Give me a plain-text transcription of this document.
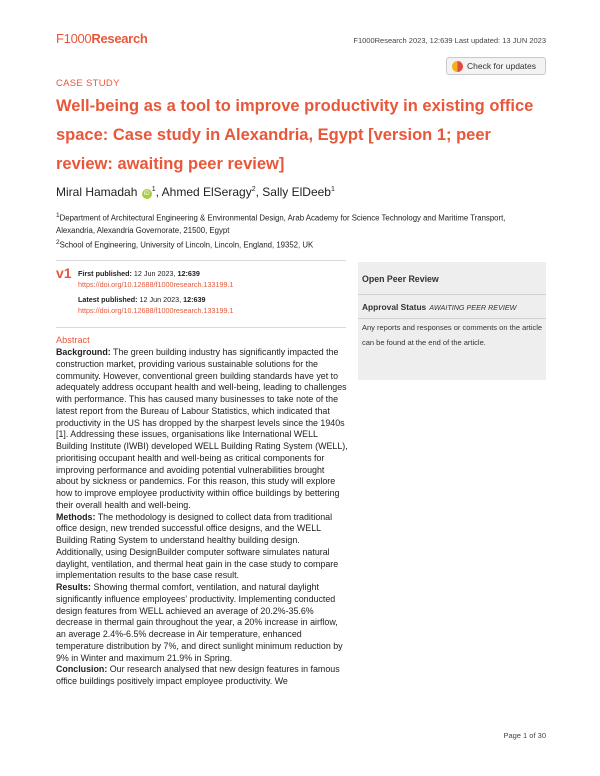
F1000Research	F1000Research 2023, 12:639 Last updated: 13 JUN 2023
CASE STUDY
Check for updates
Well-being as a tool to improve productivity in existing office space: Case study in Alexandria, Egypt [version 1; peer review: awaiting peer review]
Miral Hamadah $iD^1$, Ahmed ElSeragy$^2$, Sally ElDeeb$^1$
$^1$Department of Architectural Engineering & Environmental Design, Arab Academy for Science Technology and Maritime Transport, Alexandria, Alexandria Governorate, 21500, Egypt
$^2$School of Engineering, University of Lincoln, Lincoln, England, 19352, UK
v1 First published: 12 Jun 2023, 12:639
https://doi.org/10.12688/f1000research.133199.1
Latest published: 12 Jun 2023, 12:639
https://doi.org/10.12688/f1000research.133199.1
Abstract

Background: The green building industry has significantly impacted the construction market, providing various sustainable solutions for the community. However, conventional green building standards have yet to adequately address occupant health and well-being, leading to challenges with performance. This has caused many businesses to take note of the latest report from the Bureau of Labour Statistics, which indicated that productivity in the US has dropped by the sharpest levels since the 1940s [1]. Addressing these issues, organisations like International WELL Building Institute (IWBI) developed WELL Building Rating System (WELL), prioritising occupant health and well-being as critical components for improving performance and avoiding potential vulnerabilities brought about by sickness or pandemics. For this reason, this study will explore how to improve employee productivity within office buildings by bettering their overall health and well-being.

Methods: The methodology is designed to collect data from traditional office design, new trended successful office designs, and the WELL Building Rating System to understand healthy building design. Additionally, using DesignBuilder computer software simulates natural daylight, ventilation, and thermal heat gain in the case study to compare implementation results to the base case result.

Results: Showing thermal comfort, ventilation, and natural daylight significantly influence employees’ productivity. Implementing conducted design features from WELL achieved an average of 20.2%-35.6% decrease in thermal gain throughout the year, a 20% increase in airflow, an average 2.4%-6.5% decrease in Air temperature, enhanced temperature distribution by 7%, and direct sunlight minimum reduction by 9% in Winter and maximum 21.9% in Spring.

Conclusion: Our research analysed that new design features in famous office buildings positively impact employee productivity. We

Open Peer Review
Approval Status AWAITING PEER REVIEW
Any reports and responses or comments on the article can be found at the end of the article.
Page 1 of 30
